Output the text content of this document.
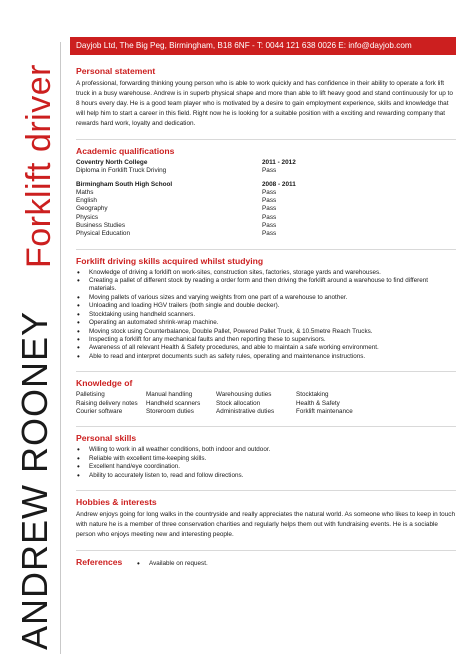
Forklift driver
ANDREW ROONEY
Dayjob Ltd, The Big Peg, Birmingham, B18 6NF - T: 0044 121 638 0026 E: info@dayjob.com
Personal statement

A professional, forwarding thinking young person who is able to work quickly and has confidence in their ability to operate a fork lift truck in a busy warehouse. Andrew is in superb physical shape and more than able to lift heavy good and stand continuously for up to 8 hours every day. He is a good team player who is motivated by a desire to gain employment experience, skills and knowledge that will help him to start a career in this field. Right now he is looking for a suitable position with a exciting and rewarding company that rewards hard work, loyalty and dedication.

Academic qualifications
Coventry North College	2011 - 2012
Diploma in Forklift Truck Driving	Pass
Birmingham South High School	2008 - 2011
Maths	Pass
English	Pass
Geography	Pass
Physics	Pass
Business Studies	Pass
Physical Education	Pass
Forklift driving skills acquired whilst studying
• Knowledge of driving a forklift on work-sites, construction sites, factories, storage yards and warehouses.
• Creating a pallet of different stock by reading a order form and then driving the forklift around a warehouse to find different materials.
• Moving pallets of various sizes and varying weights from one part of a warehouse to another.
• Unloading and loading HGV trailers (both single and double decker).
• Stocktaking using handheld scanners.
• Operating an automated shrink-wrap machine.
• Moving stock using Counterbalance, Double Pallet, Powered Pallet Truck, & 10.5metre Reach Trucks.
• Inspecting a forklift for any mechanical faults and then reporting these to supervisors.
• Awareness of all relevant Health & Safety procedures, and able to maintain a safe working environment.
• Able to read and interpret documents such as safety rules, operating and maintenance instructions.
Knowledge of
Palletising	Manual handling	Warehousing duties	Stocktaking
Raising delivery notes	Handheld scanners	Stock allocation	Health & Safety
Courier software	Storeroom duties	Administrative duties	Forklift maintenance
Personal skills
• Willing to work in all weather conditions, both indoor and outdoor.
• Reliable with excellent time-keeping skills.
• Excellent hand/eye coordination.
• Ability to accurately listen to, read and follow directions.
Hobbies & interests

Andrew enjoys going for long walks in the countryside and really appreciates the natural world. As someone who likes to keep in touch with nature he is a member of three conservation charities and regularly helps them out with fundraising events. He is a sociable person who enjoys meeting new and interesting people.

References
•	Available on request.
